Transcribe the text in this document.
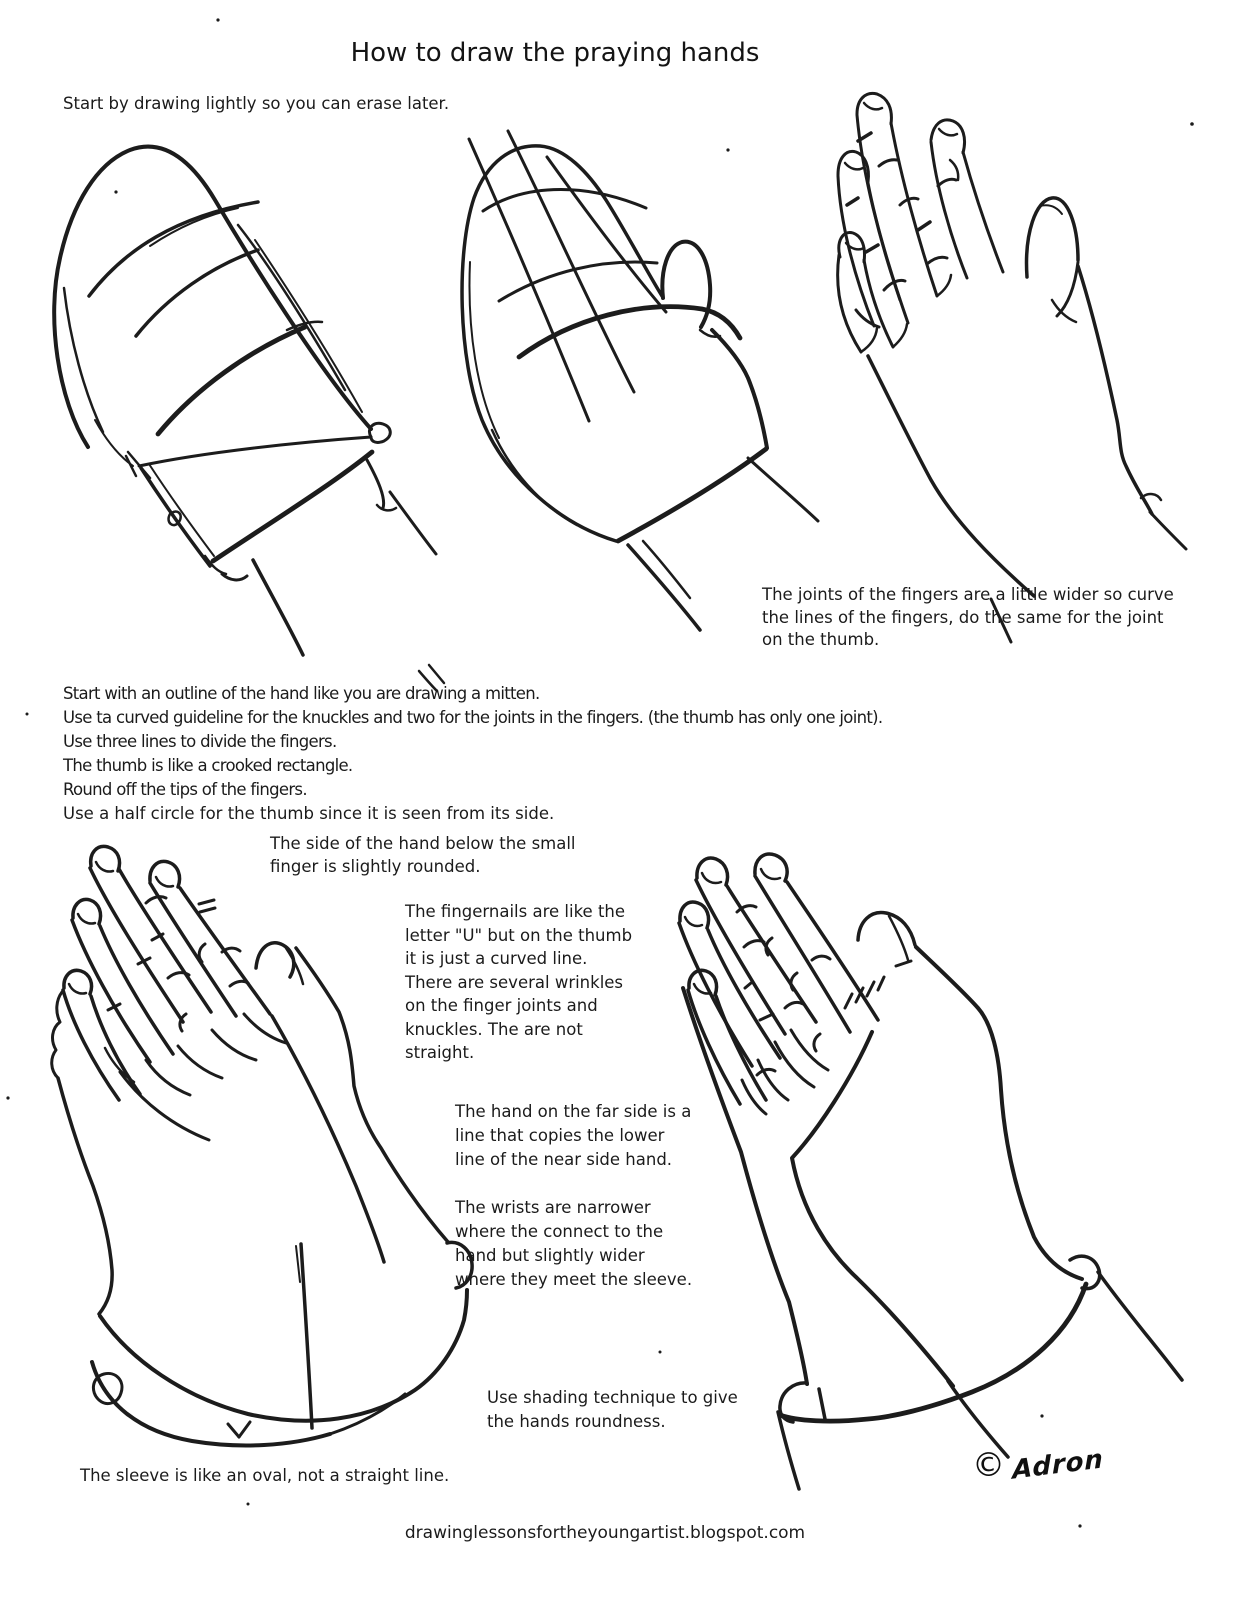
How to draw the praying hands
Start by drawing lightly so you can erase later.
The joints of the fingers are a little wider so curve
the lines of the fingers, do the same for the joint
on the thumb.
Start with an outline of the hand like you are drawing a mitten.
Use ta curved guideline for the knuckles and two for the joints in the fingers. (the thumb has only one joint).
Use three lines to divide the fingers.
The thumb is like a crooked rectangle.
Round off the tips of the fingers.
Use a half circle for the thumb since it is seen from its side.
The side of the hand below the small
finger is slightly rounded.
The fingernails are like the
letter "U" but on the thumb
it is just a curved line.
There are several wrinkles
on the finger joints and
knuckles. The are not
straight.
The hand on the far side is a
line that copies the lower
line of the near side hand.
The wrists are narrower
where the connect to the
hand but slightly wider
where they meet the sleeve.
Use shading technique to give
the hands roundness.
The sleeve is like an oval, not a straight line.
drawinglessonsfortheyoungartist.blogspot.com
© Adron
